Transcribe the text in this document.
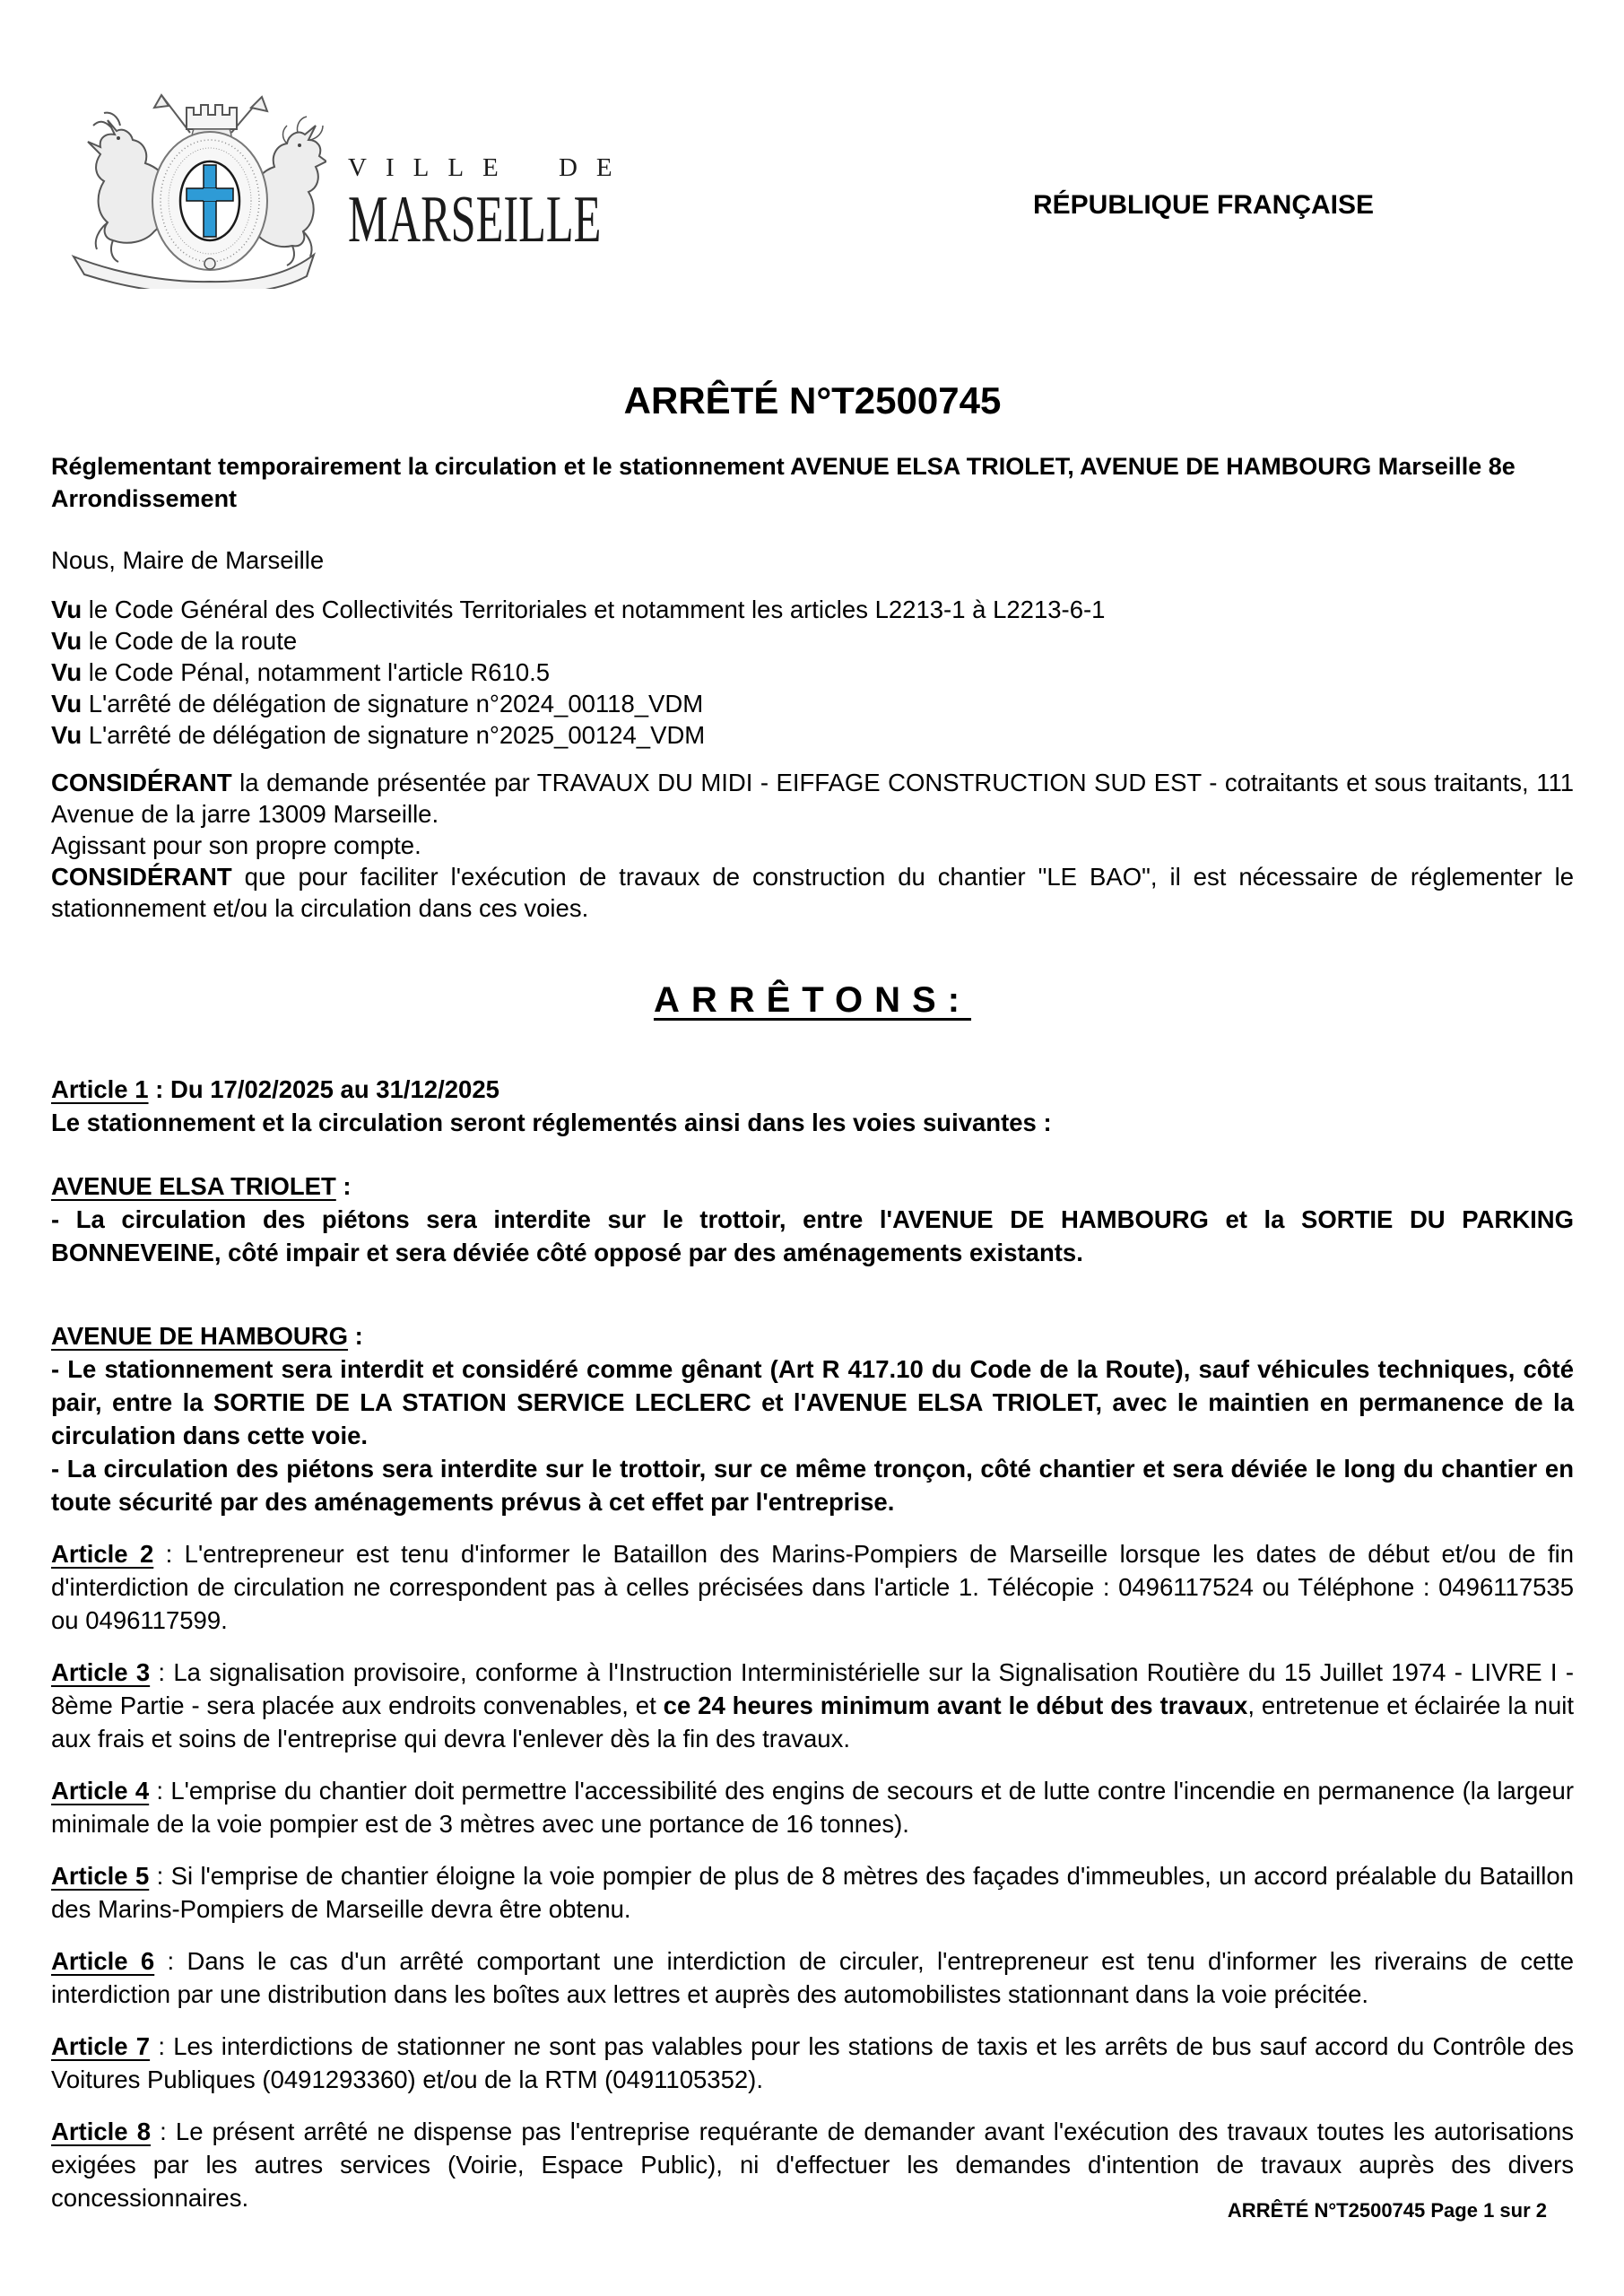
VILLE DE
MARSEILLE	RÉPUBLIQUE FRANÇAISE
ARRÊTÉ N°T2500745

Réglementant temporairement la circulation et le stationnement AVENUE ELSA TRIOLET, AVENUE DE HAMBOURG Marseille 8e Arrondissement

Nous, Maire de Marseille

Vu le Code Général des Collectivités Territoriales et notamment les articles L2213-1 à L2213-6-1

Vu le Code de la route

Vu le Code Pénal, notamment l'article R610.5

Vu L'arrêté de délégation de signature n°2024_00118_VDM

Vu L'arrêté de délégation de signature n°2025_00124_VDM

CONSIDÉRANT la demande présentée par TRAVAUX DU MIDI - EIFFAGE CONSTRUCTION SUD EST - cotraitants et sous traitants, 111 Avenue de la jarre 13009 Marseille.

Agissant pour son propre compte.

CONSIDÉRANT que pour faciliter l'exécution de travaux de construction du chantier "LE BAO", il est nécessaire de réglementer le stationnement et/ou la circulation dans ces voies.

ARRÊTONS:

Article 1 : Du 17/02/2025 au 31/12/2025

Le stationnement et la circulation seront réglementés ainsi dans les voies suivantes :

AVENUE ELSA TRIOLET :

- La circulation des piétons sera interdite sur le trottoir, entre l'AVENUE DE HAMBOURG et la SORTIE DU PARKING BONNEVEINE, côté impair et sera déviée côté opposé par des aménagements existants.

AVENUE DE HAMBOURG :

- Le stationnement sera interdit et considéré comme gênant (Art R 417.10 du Code de la Route), sauf véhicules techniques, côté pair, entre la SORTIE DE LA STATION SERVICE LECLERC et l'AVENUE ELSA TRIOLET, avec le maintien en permanence de la circulation dans cette voie.

- La circulation des piétons sera interdite sur le trottoir, sur ce même tronçon, côté chantier et sera déviée le long du chantier en toute sécurité par des aménagements prévus à cet effet par l'entreprise.

Article 2 : L'entrepreneur est tenu d'informer le Bataillon des Marins-Pompiers de Marseille lorsque les dates de début et/ou de fin d'interdiction de circulation ne correspondent pas à celles précisées dans l'article 1. Télécopie : 0496117524 ou Téléphone : 0496117535 ou 0496117599.

Article 3 : La signalisation provisoire, conforme à l'Instruction Interministérielle sur la Signalisation Routière du 15 Juillet 1974 - LIVRE I - 8ème Partie - sera placée aux endroits convenables, et ce 24 heures minimum avant le début des travaux, entretenue et éclairée la nuit aux frais et soins de l'entreprise qui devra l'enlever dès la fin des travaux.

Article 4 : L'emprise du chantier doit permettre l'accessibilité des engins de secours et de lutte contre l'incendie en permanence (la largeur minimale de la voie pompier est de 3 mètres avec une portance de 16 tonnes).

Article 5 : Si l'emprise de chantier éloigne la voie pompier de plus de 8 mètres des façades d'immeubles, un accord préalable du Bataillon des Marins-Pompiers de Marseille devra être obtenu.

Article 6 : Dans le cas d'un arrêté comportant une interdiction de circuler, l'entrepreneur est tenu d'informer les riverains de cette interdiction par une distribution dans les boîtes aux lettres et auprès des automobilistes stationnant dans la voie précitée.

Article 7 : Les interdictions de stationner ne sont pas valables pour les stations de taxis et les arrêts de bus sauf accord du Contrôle des Voitures Publiques (0491293360) et/ou de la RTM (0491105352).

Article 8 : Le présent arrêté ne dispense pas l'entreprise requérante de demander avant l'exécution des travaux toutes les autorisations exigées par les autres services (Voirie, Espace Public), ni d'effectuer les demandes d'intention de travaux auprès des divers concessionnaires.	ARRÊTÉ N°T2500745 Page 1 sur 2
